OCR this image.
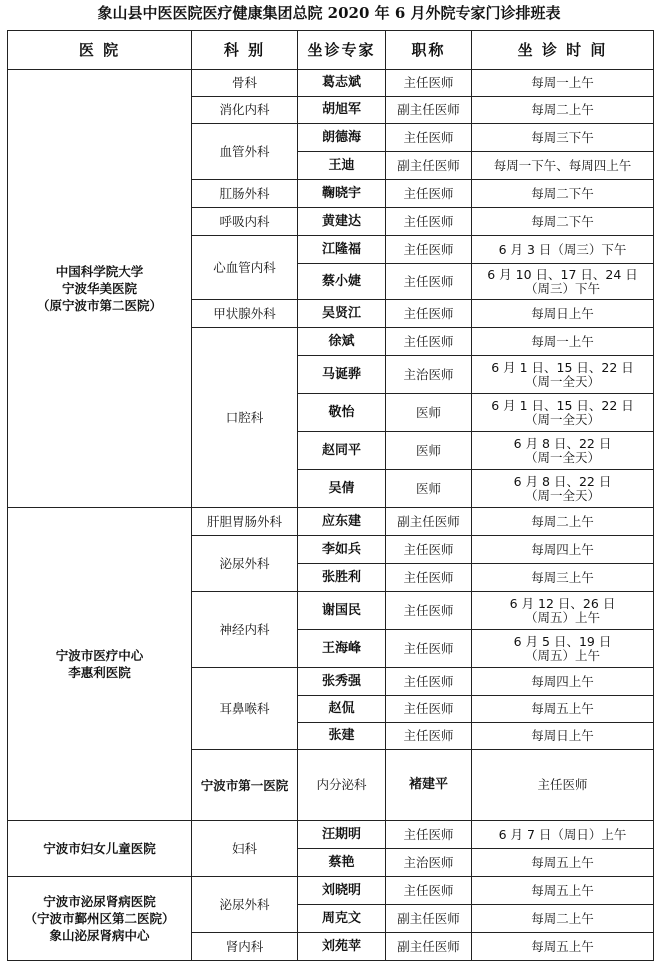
象山县中医医院医疗健康集团总院 2020 年 6 月外院专家门诊排班表
医 院	科 别	坐诊专家	职称	坐 诊 时 间	
中国科学院大学
宁波华美医院
（原宁波市第二医院）	骨科	葛志斌	主任医师	每周一上午	
	消化内科	胡旭军	副主任医师	每周二上午	
	血管外科	朗德海	主任医师	每周三下午	
		王迪	副主任医师	每周一下午、每周四上午	
	肛肠外科	鞠晓宇	主任医师	每周二下午	
	呼吸内科	黄建达	主任医师	每周二下午	
	心血管内科	江隆福	主任医师	6 月 3 日（周三）下午	
		蔡小婕	主任医师	6 月 10 日、17 日、24 日
（周三）下午	
	甲状腺外科	吴贤江	主任医师	每周日上午	
	口腔科	徐斌	主任医师	每周一上午	
		马诞骅	主治医师	6 月 1 日、15 日、22 日
（周一全天）	
		敬怡	医师	6 月 1 日、15 日、22 日
（周一全天）	
		赵同平	医师	6 月 8 日、22 日
（周一全天）	
		吴倩	医师	6 月 8 日、22 日
（周一全天）	
宁波市医疗中心
李惠利医院	肝胆胃肠外科	应东建	副主任医师	每周二上午	
	泌尿外科	李如兵	主任医师	每周四上午	
		张胜利	主任医师	每周三上午	
	神经内科	谢国民	主任医师	6 月 12 日、26 日
（周五）上午	
		王海峰	主任医师	6 月 5 日、19 日
（周五）上午	
	耳鼻喉科	张秀强	主任医师	每周四上午	
		赵侃	主任医师	每周五上午	
		张建	主任医师	每周日上午	
	宁波市第一医院	内分泌科	褚建平	主任医师	
宁波市妇女儿童医院	妇科	汪期明	主任医师	6 月 7 日（周日）上午	
		蔡艳	主治医师	每周五上午	
宁波市泌尿肾病医院
（宁波市鄞州区第二医院）
象山泌尿肾病中心	泌尿外科	刘晓明	主任医师	每周五上午	
		周克文	副主任医师	每周二上午	
	肾内科	刘苑苹	副主任医师	每周五上午	
